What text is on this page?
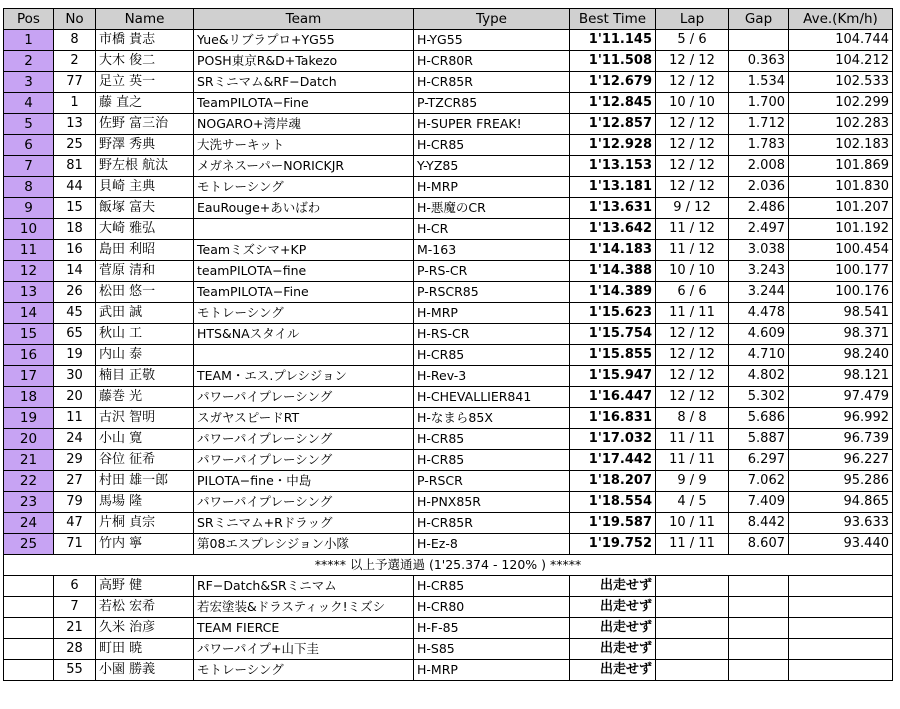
Pos	No	Name	Team	Type	Best Time	Lap	Gap	Ave.(Km/h)
1	8	市橋 貴志	Yue&リブラプロ+YG55	H-YG55	1'11.145	5 / 6		104.744
2	2	大木 俊二	POSH東京R&D+Takezo	H-CR80R	1'11.508	12 / 12	0.363	104.212
3	77	足立 英一	SRミニマム&RF−Datch	H-CR85R	1'12.679	12 / 12	1.534	102.533
4	1	藤󠄀 直之	TeamPILOTA−Fine	P-TZCR85	1'12.845	10 / 10	1.700	102.299
5	13	佐野 富三治	NOGARO+湾岸魂	H-SUPER FREAK!	1'12.857	12 / 12	1.712	102.283
6	25	野澤 秀典	大洗サーキット	H-CR85	1'12.928	12 / 12	1.783	102.183
7	81	野左根 航汰	メガネスーパーNORICKJR	Y-YZ85	1'13.153	12 / 12	2.008	101.869
8	44	貝崎 主典	モトレーシング	H-MRP	1'13.181	12 / 12	2.036	101.830
9	15	飯塚 富夫	EauRouge+あいばわ	H-悪魔のCR	1'13.631	9 / 12	2.486	101.207
10	18	大崎 雅弘		H-CR	1'13.642	11 / 12	2.497	101.192
11	16	島田 利昭	Teamミズシマ+KP	M-163	1'14.183	11 / 12	3.038	100.454
12	14	菅原 清和	teamPILOTA−fine	P-RS-CR	1'14.388	10 / 10	3.243	100.177
13	26	松田 悠一	TeamPILOTA−Fine	P-RSCR85	1'14.389	6 / 6	3.244	100.176
14	45	武田 誠	モトレーシング	H-MRP	1'15.623	11 / 11	4.478	98.541
15	65	秋山 工	HTS&NAスタイル	H-RS-CR	1'15.754	12 / 12	4.609	98.371
16	19	内山 泰		H-CR85	1'15.855	12 / 12	4.710	98.240
17	30	楠目 正敬	TEAM・エス.プレシジョン	H-Rev-3	1'15.947	12 / 12	4.802	98.121
18	20	藤巻 光	パワーパイプレーシング	H-CHEVALLIER841	1'16.447	12 / 12	5.302	97.479
19	11	古沢 智明	スガヤスピードRT	H-なまら85X	1'16.831	8 / 8	5.686	96.992
20	24	小山 寛	パワーパイプレーシング	H-CR85	1'17.032	11 / 11	5.887	96.739
21	29	谷位 征希	パワーパイプレーシング	H-CR85	1'17.442	11 / 11	6.297	96.227
22	27	村田 雄一郎	PILOTA−fine・中島	P-RSCR	1'18.207	9 / 9	7.062	95.286
23	79	馬場 隆	パワーパイプレーシング	H-PNX85R	1'18.554	4 / 5	7.409	94.865
24	47	片桐 貞宗	SRミニマム+Rドラッグ	H-CR85R	1'19.587	10 / 11	8.442	93.633
25	71	竹内 寧	第08エスプレシジョン小隊	H-Ez-8	1'19.752	11 / 11	8.607	93.440
***** 以上予選通過 (1'25.374 - 120% ) *****								
	6	高野 健	RF−Datch&SRミニマム	H-CR85	出走せず			
	7	若松 宏希	若宏塗装&ドラスティック!ミズシ	H-CR80	出走せず			
	21	久米 治彦	TEAM FIERCE	H-F-85	出走せず			
	28	町田 暁	パワーパイプ+山下圭	H-S85	出走せず			
	55	小園 勝義	モトレーシング	H-MRP	出走せず			
